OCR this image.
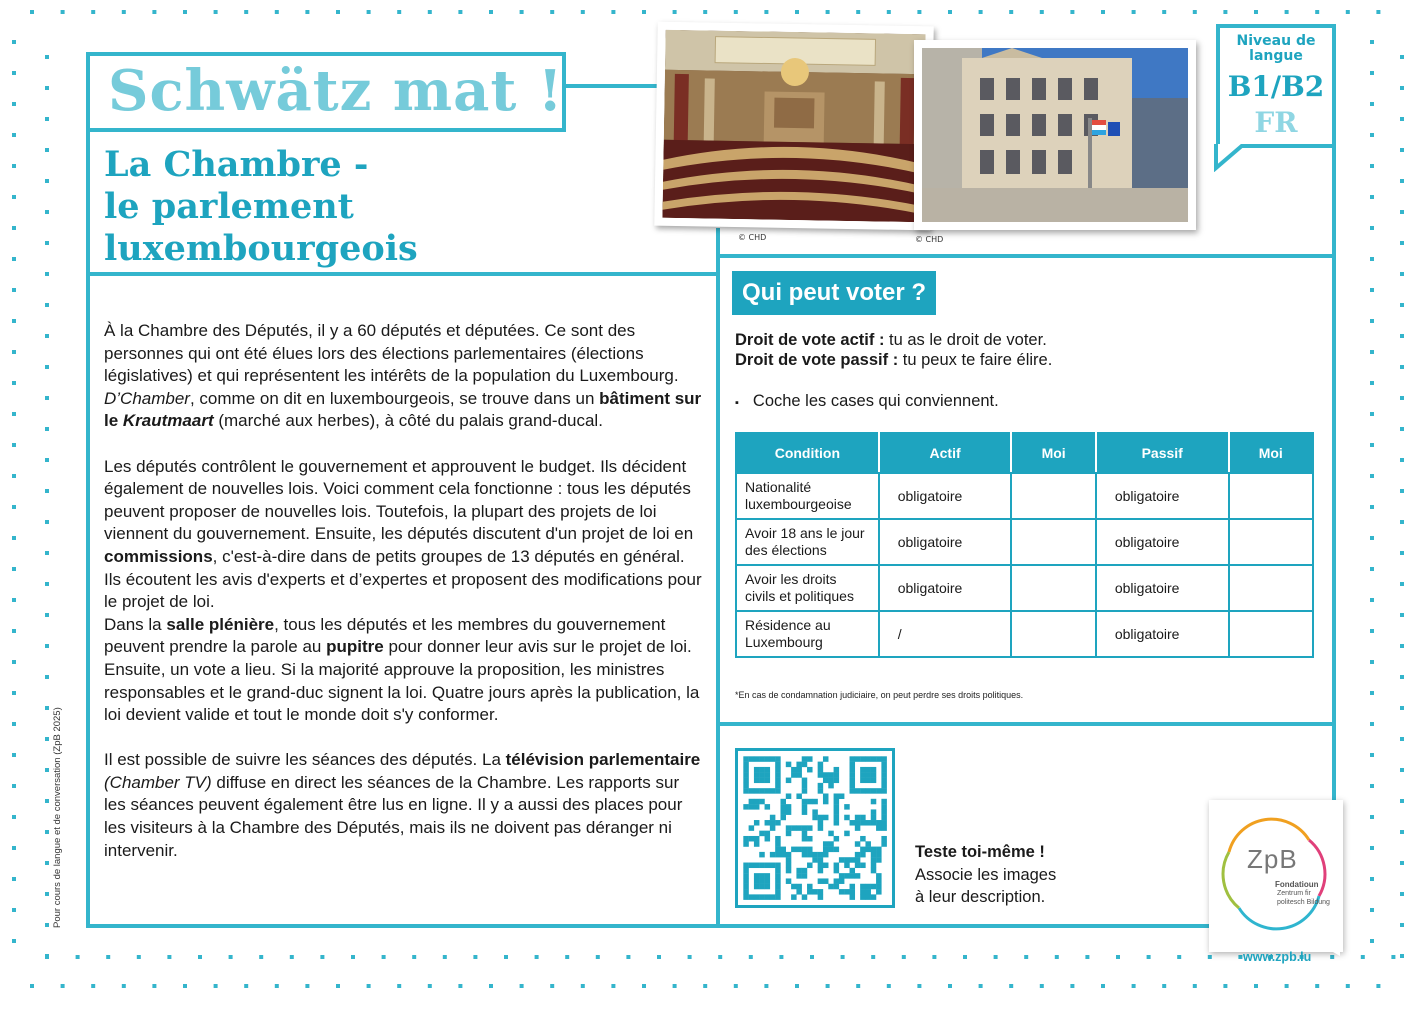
Schwätz mat !
La Chambre -
le parlement
luxembourgeois	© CHD	© CHD
Niveau de
langue
B1/B2
FR

À la Chambre des Députés, il y a 60 députés et députées. Ce sont des personnes qui ont été élues lors des élections parlementaires (élections législatives) et qui représentent les intérêts de la population du Luxembourg. D’Chamber, comme on dit en luxembourgeois, se trouve dans un bâtiment sur le Krautmaart (marché aux herbes), à côté du palais grand-ducal.

Les députés contrôlent le gouvernement et approuvent le budget. Ils décident également de nouvelles lois. Voici comment cela fonctionne : tous les députés peuvent proposer de nouvelles lois. Toutefois, la plupart des projets de loi viennent du gouvernement. Ensuite, les députés discutent d'un projet de loi en commissions, c'est-à-dire dans de petits groupes de 13 députés en général. Ils écoutent les avis d'experts et d’expertes et proposent des modifications pour le projet de loi.

Dans la salle plénière, tous les députés et les membres du gouvernement peuvent prendre la parole au pupitre pour donner leur avis sur le projet de loi. Ensuite, un vote a lieu. Si la majorité approuve la proposition, les ministres responsables et le grand-duc signent la loi. Quatre jours après la publication, la loi devient valide et tout le monde doit s'y conformer.

Il est possible de suivre les séances des députés. La télévision parlementaire (Chamber TV) diffuse en direct les séances de la Chambre. Les rapports sur les séances peuvent également être lus en ligne. Il y a aussi des places pour les visiteurs à la Chambre des Députés, mais ils ne doivent pas déranger ni intervenir.

Qui peut voter ?
Droit de vote actif : tu as le droit de voter.
Droit de vote passif : tu peux te faire élire.
▪ Coche les cases qui conviennent.
Condition	Actif	Moi	Passif	Moi
Nationalité luxembourgeoise	obligatoire		obligatoire	
Avoir 18 ans le jour des élections	obligatoire		obligatoire	
Avoir les droits civils et politiques	obligatoire		obligatoire	
Résidence au Luxembourg	/		obligatoire	
*En cas de condamnation judiciaire, on peut perdre ses droits politiques.
Teste toi-même !
Associe les images
à leur description.
ZpB
Fondatioun
Zentrum fir
politesch Bildung
www.zpb.lu
Pour cours de langue et de conversation (ZpB 2025)
